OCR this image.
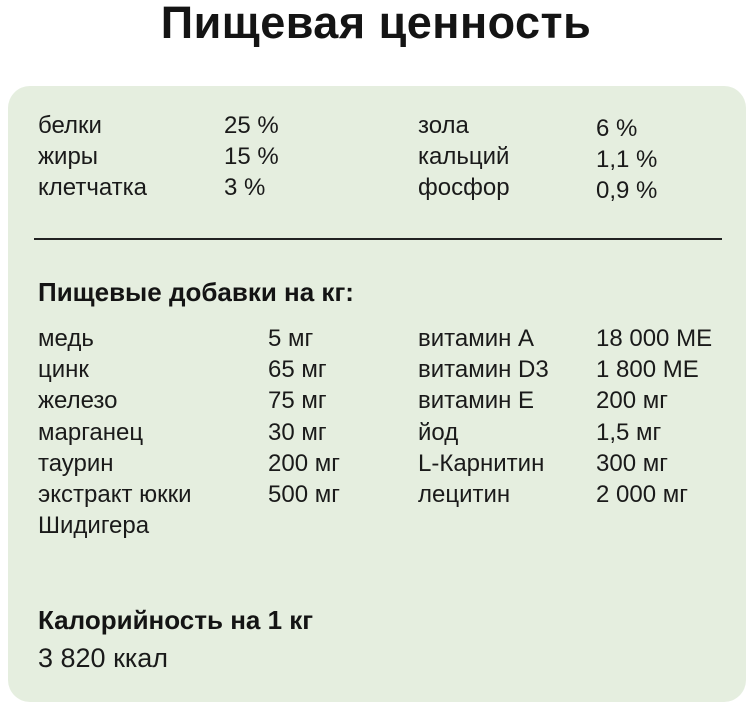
Пищевая ценность
белки	25 %	зола	6 %
жиры	15 %	кальций	1,1 %
клетчатка	3 %	фосфор	0,9 %
Пищевые добавки на кг:
медь	5 мг	витамин А	18 000 МЕ
цинк	65 мг	витамин D3 1 800 МЕ
железо	75 мг	витамин Е	200 мг
марганец	30 мг	йод	1,5 мг
таурин	200 мг	L-Карнитин 300 мг
экстракт юкки	500 мг	лецитин	2 000 мг
Шидигера
Калорийность на 1 кг
3 820 ккал
